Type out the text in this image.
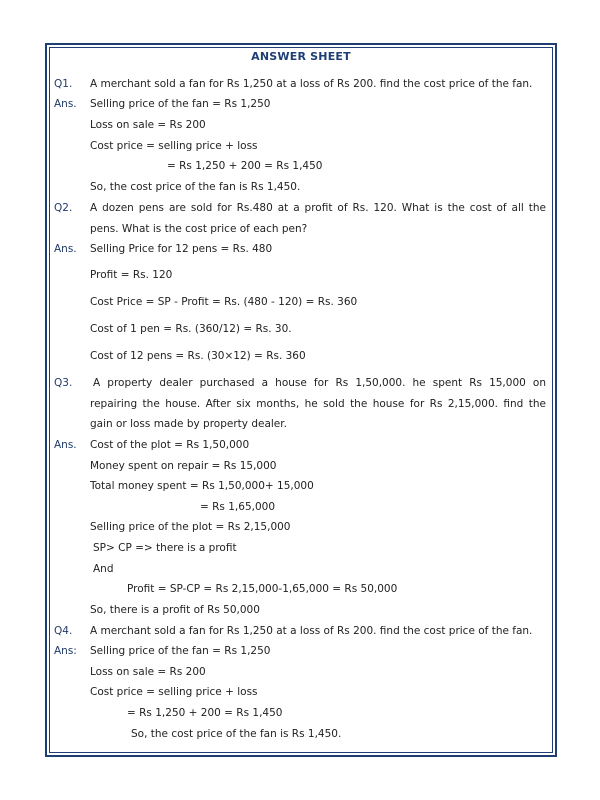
ANSWER SHEET
Q1. A merchant sold a fan for Rs 1,250 at a loss of Rs 200. find the cost price of the fan.
Ans. Selling price of the fan = Rs 1,250
Loss on sale = Rs 200
Cost price = selling price + loss
= Rs 1,250 + 200 = Rs 1,450
So, the cost price of the fan is Rs 1,450.
Q2. A dozen pens are sold for Rs.480 at a profit of Rs. 120. What is the cost of all the
pens. What is the cost price of each pen?
Ans. Selling Price for 12 pens = Rs. 480
Profit = Rs. 120
Cost Price = SP - Profit = Rs. (480 - 120) = Rs. 360
Cost of 1 pen = Rs. (360/12) = Rs. 30.
Cost of 12 pens = Rs. (30×12) = Rs. 360
Q3. A property dealer purchased a house for Rs 1,50,000. he spent Rs 15,000 on
repairing the house. After six months, he sold the house for Rs 2,15,000. find the
gain or loss made by property dealer.
Ans. Cost of the plot = Rs 1,50,000
Money spent on repair = Rs 15,000
Total money spent = Rs 1,50,000+ 15,000
= Rs 1,65,000
Selling price of the plot = Rs 2,15,000
SP> CP => there is a profit
And
Profit = SP-CP = Rs 2,15,000-1,65,000 = Rs 50,000
So, there is a profit of Rs 50,000
Q4. A merchant sold a fan for Rs 1,250 at a loss of Rs 200. find the cost price of the fan.
Ans: Selling price of the fan = Rs 1,250
Loss on sale = Rs 200
Cost price = selling price + loss
= Rs 1,250 + 200 = Rs 1,450
So, the cost price of the fan is Rs 1,450.
